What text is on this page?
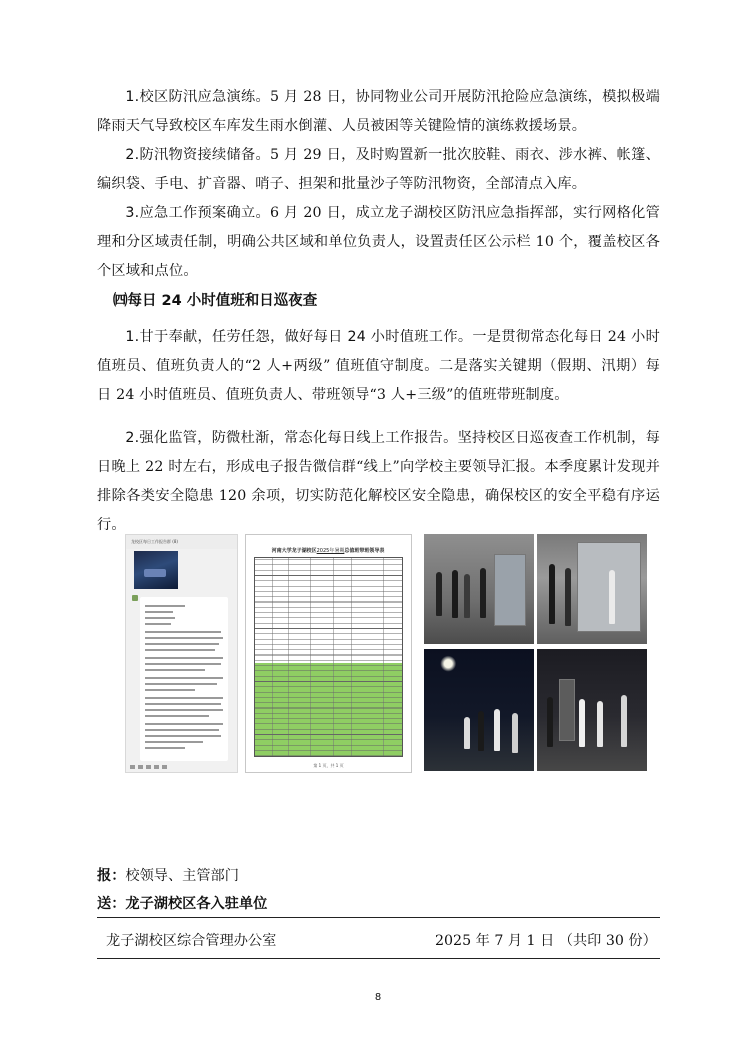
1.校区防汛应急演练。5 月 28 日，协同物业公司开展防汛抢险应急演练，模拟极端降雨天气导致校区车库发生雨水倒灌、人员被困等关键险情的演练救援场景。

2.防汛物资接续储备。5 月 29 日，及时购置新一批次胶鞋、雨衣、涉水裤、帐篷、编织袋、手电、扩音器、哨子、担架和批量沙子等防汛物资，全部清点入库。

3.应急工作预案确立。6 月 20 日，成立龙子湖校区防汛应急指挥部，实行网格化管理和分区域责任制，明确公共区域和单位负责人，设置责任区公示栏 10 个，覆盖校区各个区域和点位。

㈣每日 24 小时值班和日巡夜查

1.甘于奉献，任劳任怨，做好每日 24 小时值班工作。一是贯彻常态化每日 24 小时值班员、值班负责人的“2 人+两级” 值班值守制度。二是落实关键期（假期、汛期）每日 24 小时值班员、值班负责人、带班领导“3 人+三级”的值班带班制度。

2.强化监管，防微杜渐，常态化每日线上工作报告。坚持校区日巡夜查工作机制，每日晚上 22 时左右，形成电子报告微信群“线上”向学校主要领导汇报。本季度累计发现并排除各类安全隐患 120 余项，切实防范化解校区安全隐患，确保校区的安全平稳有序运行。

龙校区每日工作报告群 (8)
河南大学龙子湖校区2025年暑期总值班带班领导表
第 1 页，共 1 页
报：校领导、主管部门
送：龙子湖校区各入驻单位
龙子湖校区综合管理办公室	2025 年 7 月 1 日 （共印 30 份）
8
